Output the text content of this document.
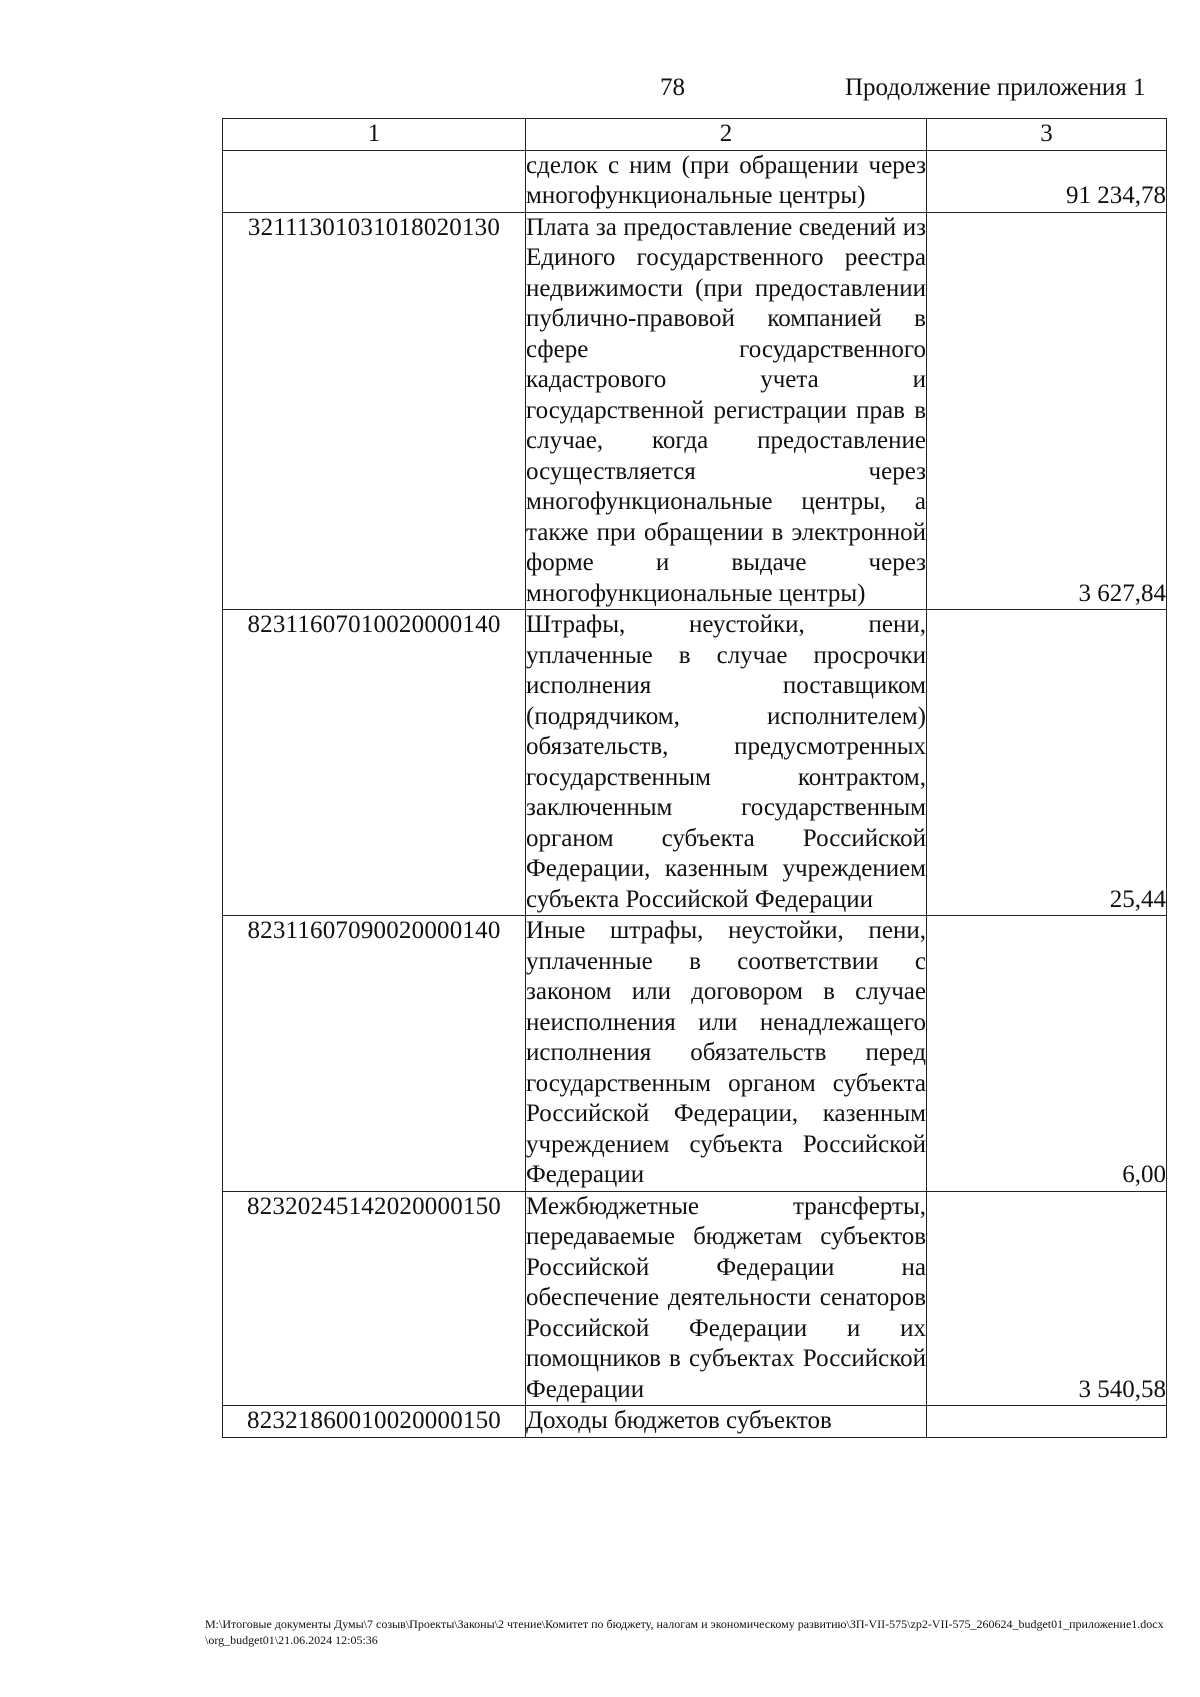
78	Продолжение приложения 1
1	2	3

	сделок с ним (при обращении через многофункциональные центры)	91 234,78
32111301031018020130	Плата за предоставление сведений из Единого государственного реестра недвижимости (при предоставлении публично-правовой компанией в сфере государственного кадастрового учета и государственной регистрации прав в случае, когда предоставление осуществляется через многофункциональные центры, а также при обращении в электронной форме и выдаче через многофункциональные центры)	3 627,84
82311607010020000140	Штрафы, неустойки, пени, уплаченные в случае просрочки исполнения поставщиком (подрядчиком, исполнителем) обязательств, предусмотренных государственным контрактом, заключенным государственным органом субъекта Российской Федерации, казенным учреждением субъекта Российской Федерации	25,44
82311607090020000140	Иные штрафы, неустойки, пени, уплаченные в соответствии с законом или договором в случае неисполнения или ненадлежащего исполнения обязательств перед государственным органом субъекта Российской Федерации, казенным учреждением субъекта Российской Федерации	6,00
82320245142020000150	Межбюджетные трансферты, передаваемые бюджетам субъектов Российской Федерации на обеспечение деятельности сенаторов Российской Федерации и их помощников в субъектах Российской Федерации	3 540,58
82321860010020000150	Доходы бюджетов субъектов	

M:\Итоговые документы Думы\7 созыв\Проекты\Законы\2 чтение\Комитет по бюджету, налогам и экономическому развитию\ЗП-VII-575\zp2-VII-575_260624_budget01_приложение1.docx\org_budget01\21.06.2024 12:05:36
